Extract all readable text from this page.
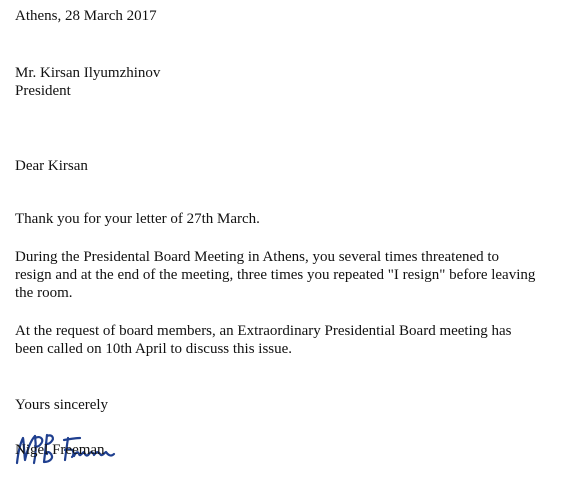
Athens, 28 March 2017
Mr. Kirsan Ilyumzhinov
President
Dear Kirsan
Thank you for your letter of 27th March.
During the Presidental Board Meeting in Athens, you several times threatened to
resign and at the end of the meeting, three times you repeated "I resign" before leaving
the room.
At the request of board members, an Extraordinary Presidential Board meeting has
been called on 10th April to discuss this issue.
Yours sincerely
Nigel Freeman
